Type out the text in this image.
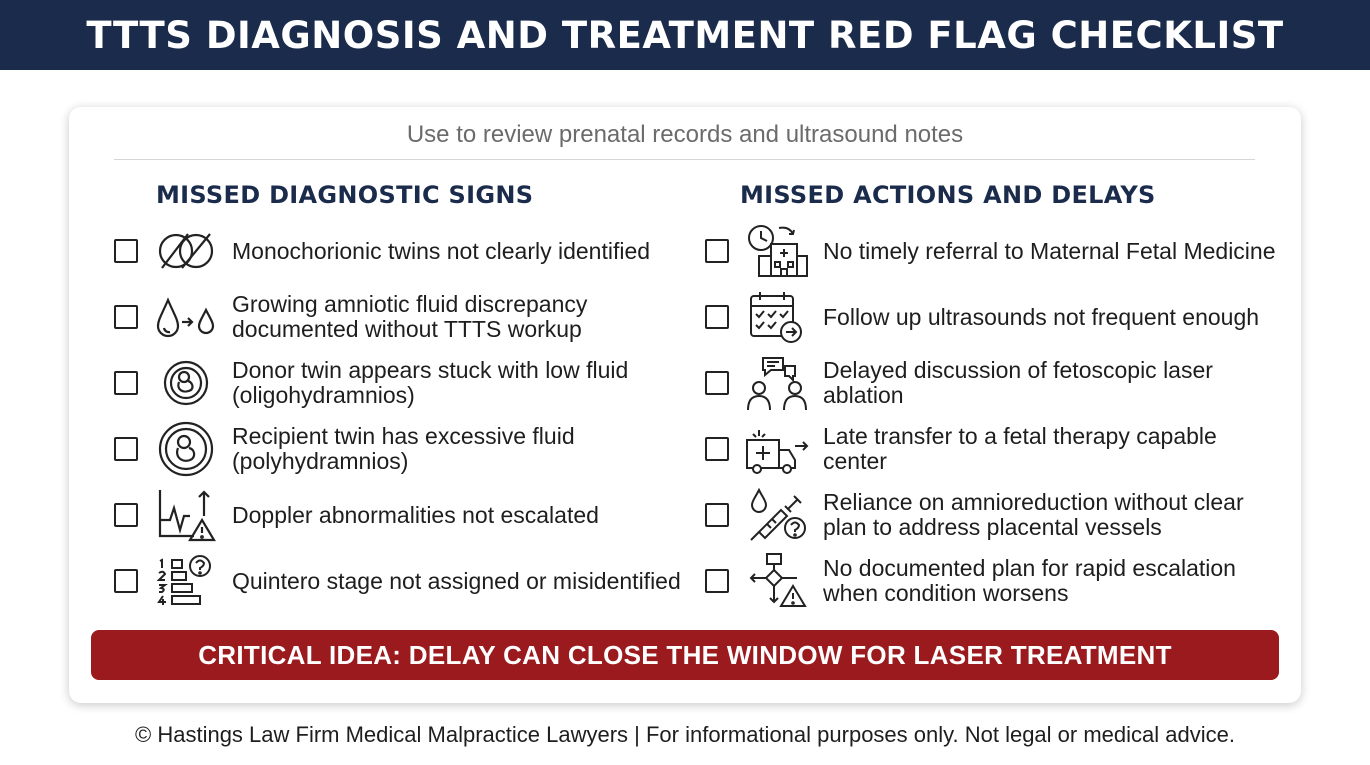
TTTS DIAGNOSIS AND TREATMENT RED FLAG CHECKLIST
Use to review prenatal records and ultrasound notes
MISSED DIAGNOSTIC SIGNS	MISSED ACTIONS AND DELAYS
Monochorionic twins not clearly identified
Growing amniotic fluid discrepancy documented without TTTS workup
Donor twin appears stuck with low fluid (oligohydramnios)
Recipient twin has excessive fluid (polyhydramnios)
Doppler abnormalities not escalated
Quintero stage not assigned or misidentified
No timely referral to Maternal Fetal Medicine
Follow up ultrasounds not frequent enough
Delayed discussion of fetoscopic laser ablation
Late transfer to a fetal therapy capable center
Reliance on amnioreduction without clear plan to address placental vessels
No documented plan for rapid escalation when condition worsens
CRITICAL IDEA: DELAY CAN CLOSE THE WINDOW FOR LASER TREATMENT
© Hastings Law Firm Medical Malpractice Lawyers | For informational purposes only. Not legal or medical advice.
